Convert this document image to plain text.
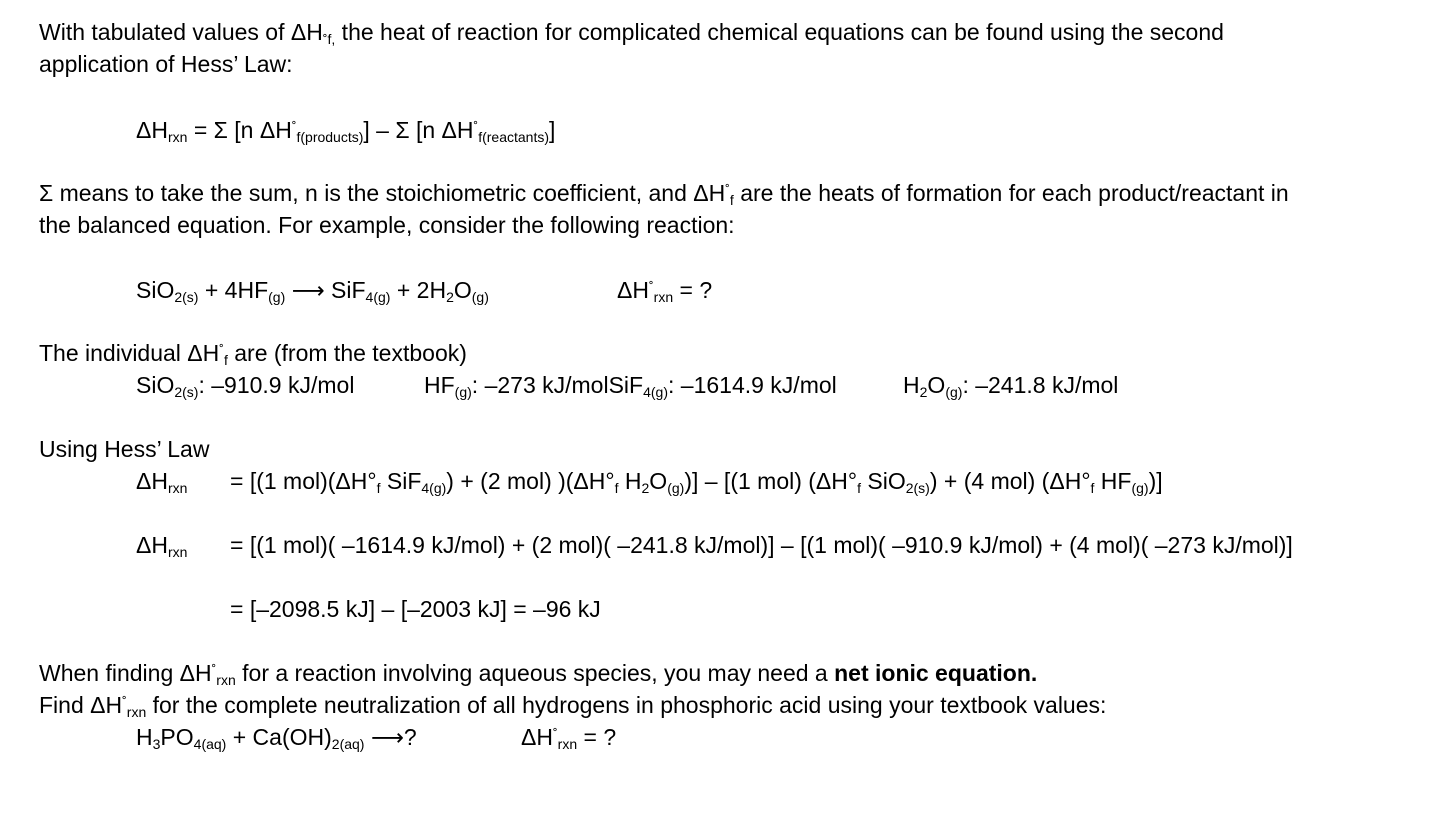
With tabulated values of $\Delta H_{˚f,}$ the heat of reaction for complicated chemical equations can be found using the second
application of Hess’ Law:
$\Delta H_{rxn} = \Sigma$ [n $\Delta H^˚_{f(products)}$] – Σ [n $\Delta H^˚_{f(reactants)}$]
Σ means to take the sum, n is the stoichiometric coefficient, and $\Delta H^˚_f$ are the heats of formation for each product/reactant in
the balanced equation. For example, consider the following reaction:
$SiO_{2(s)} + 4HF_{(g)}$ ⟶ $SiF_{4(g)} + 2H_2O_{(g)}$	$\Delta H^˚_{rxn}$ = ?
The individual $\Delta H^˚_f$ are (from the textbook)
SiO$_{2(s)}$: –910.9 kJ/mol	$HF_{(g)}$: –273 kJ/molSiF$_{4(g)}$: –1614.9 kJ/mol	$H_2O_{(g)}$: –241.8 kJ/mol
Using Hess’ Law
$\Delta H_{rxn} = [(1$ $mol)(\Delta H^\circ_f$ SiF$_{4(g)}$) + (2 mol) )($\Delta H^\circ_f$ $H_2O_{(g)})] - [(1$ mol) ($\Delta H^\circ_f$ SiO$_{2(s)}$) + (4 mol) ($\Delta H^\circ_f$ $HF_{(g)}$)]
$\Delta H_{rxn} = [(1$ mol)( –1614.9 kJ/mol) + (2 mol)( –241.8 kJ/mol)] – [(1 mol)( –910.9 kJ/mol) + (4 mol)( –273 kJ/mol)]
= [–2098.5 kJ] – [–2003 kJ] = –96 kJ
When finding $\Delta H^˚_{rxn}$ for a reaction involving aqueous species, you may need a net ionic equation.
Find $\Delta H^˚_{rxn}$ for the complete neutralization of all hydrogens in phosphoric acid using your textbook values:
$H_3PO_{4(aq)} + Ca(OH)_{2(aq)}$ ⟶?	$\Delta H^˚_{rxn}$ = ?
